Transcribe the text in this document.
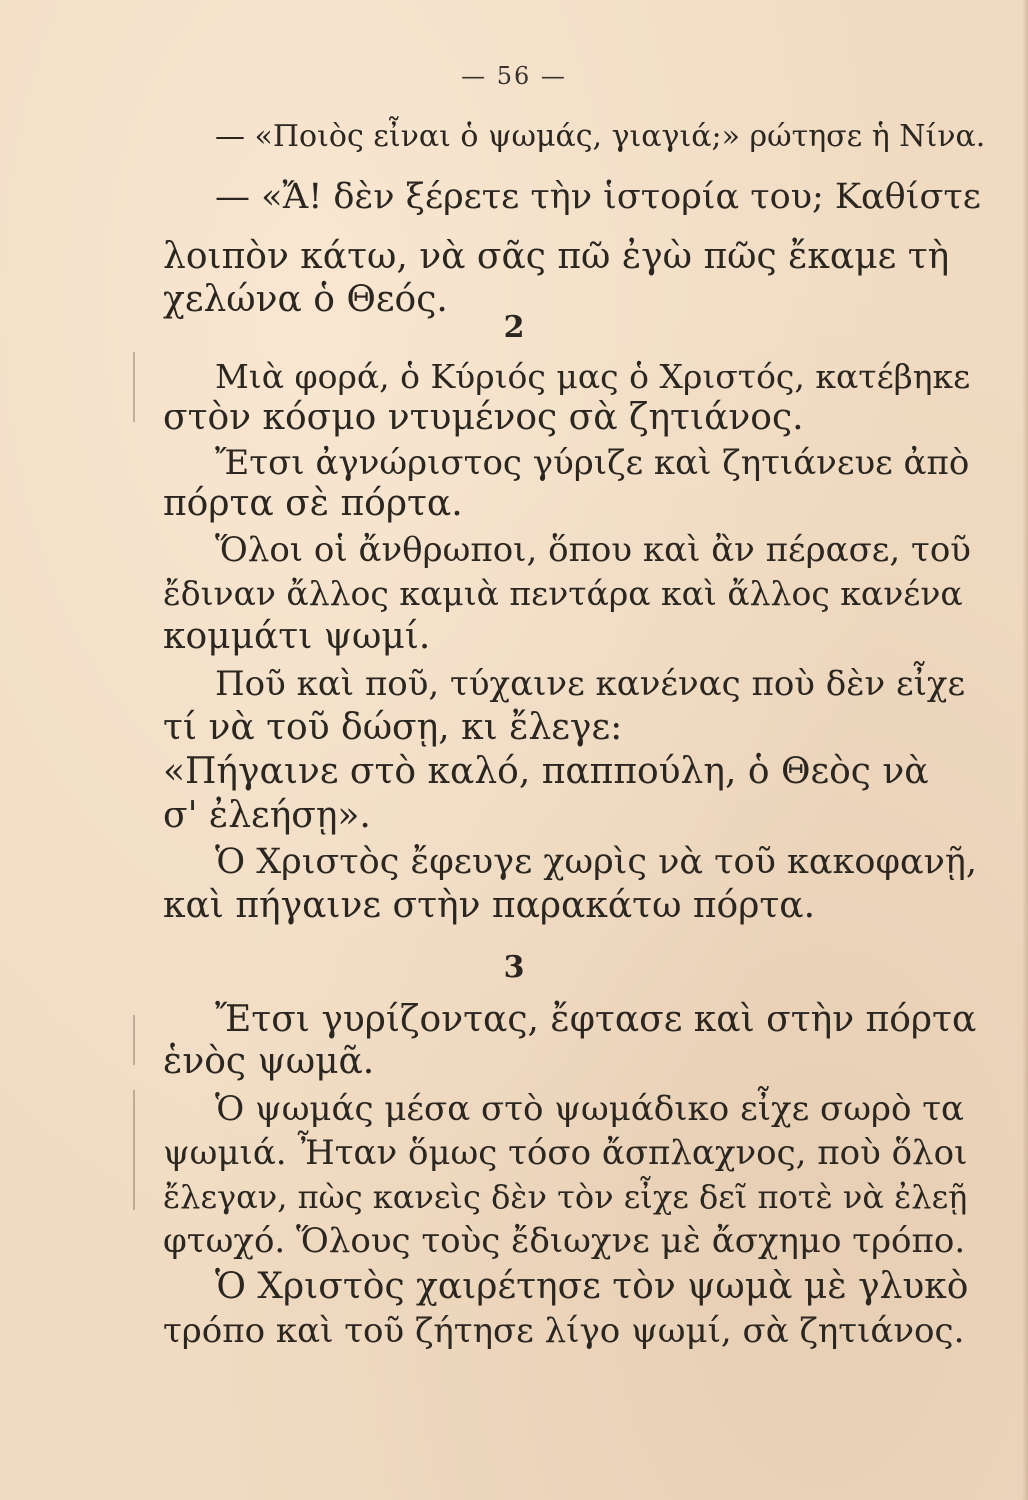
— 56 —
— «Ποιὸς εἶναι ὁ ψωμάς, γιαγιά;» ρώτησε ἡ Νίνα.
— «Ἄ! δὲν ξέρετε τὴν ἱστορία του; Καθίστε
λοιπὸν κάτω, νὰ σᾶς πῶ ἐγὼ πῶς ἔκαμε τὴ
χελώνα ὁ Θεός.
2
Μιὰ φορά, ὁ Κύριός μας ὁ Χριστός, κατέβηκε
στὸν κόσμο ντυμένος σὰ ζητιάνος.
Ἔτσι ἀγνώριστος γύριζε καὶ ζητιάνευε ἀπὸ
πόρτα σὲ πόρτα.
Ὅλοι οἱ ἄνθρωποι, ὅπου καὶ ἂν πέρασε, τοῦ
ἔδιναν ἄλλος καμιὰ πεντάρα καὶ ἄλλος κανένα
κομμάτι ψωμί.
Ποῦ καὶ ποῦ, τύχαινε κανένας ποὺ δὲν εἶχε
τί νὰ τοῦ δώσῃ, κι ἔλεγε:
«Πήγαινε στὸ καλό, παππούλη, ὁ Θεὸς νὰ
σ' ἐλεήσῃ».
Ὁ Χριστὸς ἔφευγε χωρὶς νὰ τοῦ κακοφανῇ,
καὶ πήγαινε στὴν παρακάτω πόρτα.
3
Ἔτσι γυρίζοντας, ἔφτασε καὶ στὴν πόρτα
ἑνὸς ψωμᾶ.
Ὁ ψωμάς μέσα στὸ ψωμάδικο εἶχε σωρὸ τα
ψωμιά. Ἦταν ὅμως τόσο ἄσπλαχνος, ποὺ ὅλοι
ἔλεγαν, πὼς κανεὶς δὲν τὸν εἶχε δεῖ ποτὲ νὰ ἐλεῇ
φτωχό. Ὅλους τοὺς ἔδιωχνε μὲ ἄσχημο τρόπο.
Ὁ Χριστὸς χαιρέτησε τὸν ψωμὰ μὲ γλυκὸ
τρόπο καὶ τοῦ ζήτησε λίγο ψωμί, σὰ ζητιάνος.
